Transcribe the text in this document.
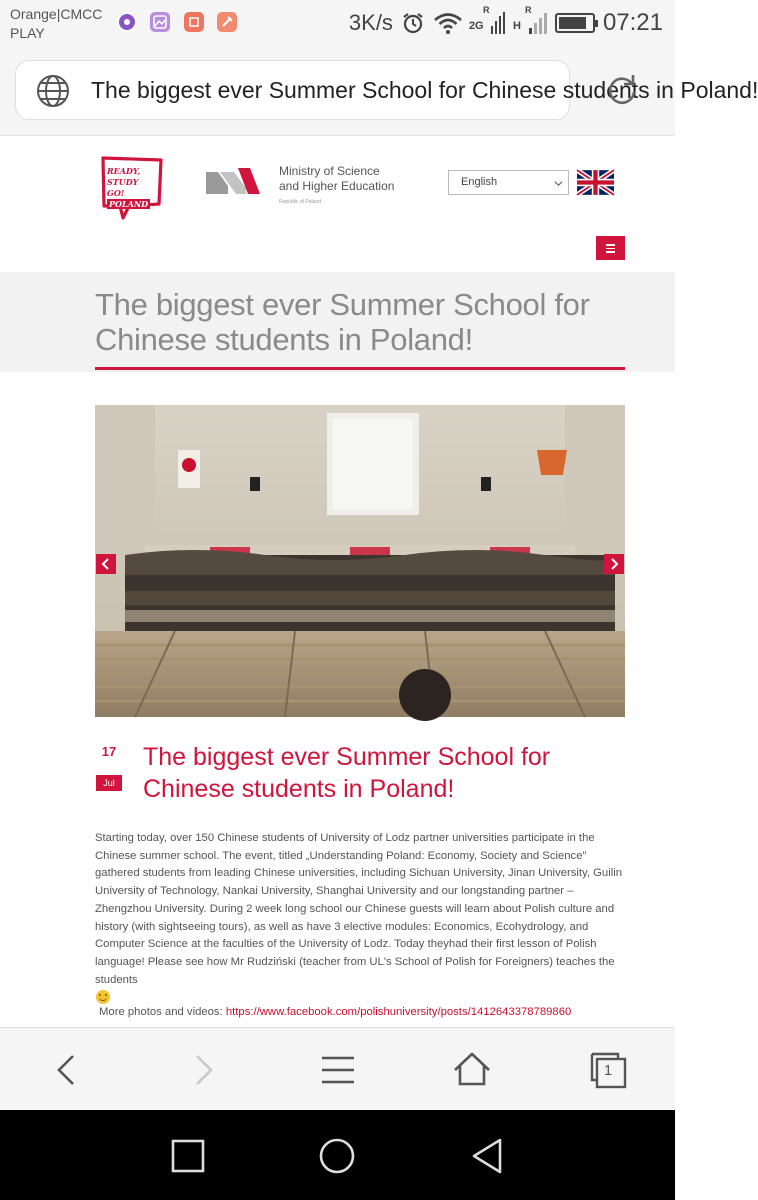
Orange|CMCC
PLAY	3K/s	R
2G
R
H	07:21
The biggest ever Summer School for Chinese students in Poland!
READY, STUDY
GO! POLAND
Ministry of Science
and Higher Education
Republic of Poland
English
The biggest ever Summer School for Chinese students in Poland!
17
Jul
The biggest ever Summer School for Chinese students in Poland!

Starting today, over 150 Chinese students of University of Lodz partner universities participate in the Chinese summer school. The event, titled „Understanding Poland: Economy, Society and Science" gathered students from leading Chinese universities, including Sichuan University, Jinan University, Guilin University of Technology, Nankai University, Shanghai University and our longstanding partner – Zhengzhou University. During 2 week long school our Chinese guests will learn about Polish culture and history (with sightseeing tours), as well as have 3 elective modules: Economics, Ecohydrology, and Computer Science at the faculties of the University of Lodz. Today theyhad their first lesson of Polish language! Please see how Mr Rudziński (teacher from UL's School of Polish for Foreigners) teaches the students

More photos and videos: https://www.facebook.com/polishuniversity/posts/1412643378789860
1
